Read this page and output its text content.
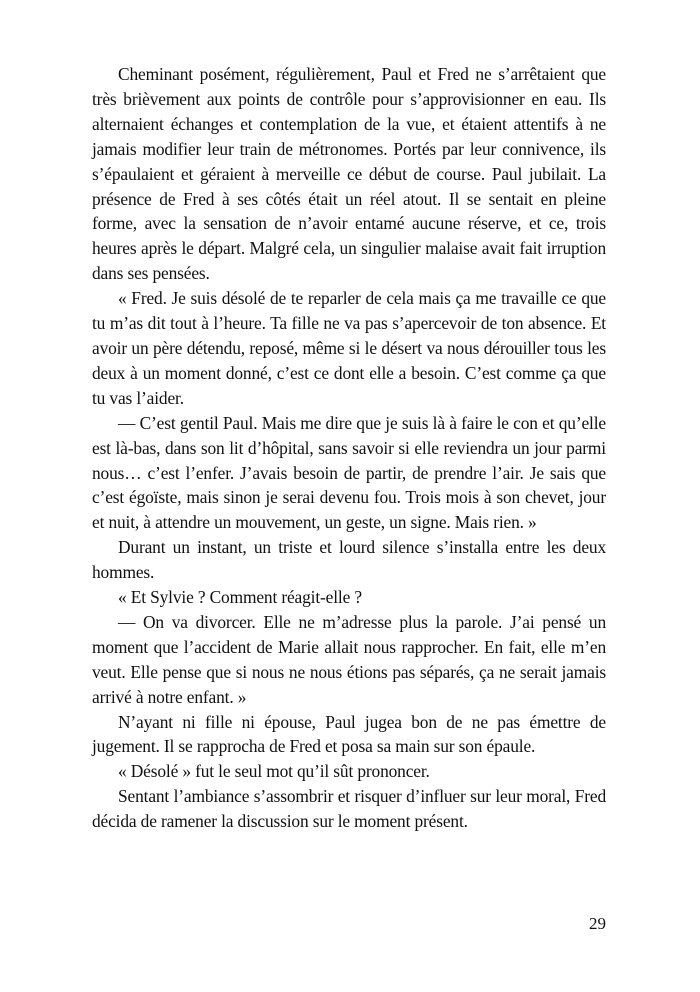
Cheminant posément, régulièrement, Paul et Fred ne s’arrêtaient que très brièvement aux points de contrôle pour s’approvisionner en eau. Ils alternaient échanges et contemplation de la vue, et étaient attentifs à ne jamais modifier leur train de métronomes. Portés par leur connivence, ils s’épaulaient et géraient à merveille ce début de course. Paul jubilait. La présence de Fred à ses côtés était un réel atout. Il se sentait en pleine forme, avec la sensation de n’avoir entamé aucune réserve, et ce, trois heures après le départ. Malgré cela, un singulier malaise avait fait irruption dans ses pensées.

« Fred. Je suis désolé de te reparler de cela mais ça me travaille ce que tu m’as dit tout à l’heure. Ta fille ne va pas s’apercevoir de ton absence. Et avoir un père détendu, reposé, même si le désert va nous dérouiller tous les deux à un moment donné, c’est ce dont elle a besoin. C’est comme ça que tu vas l’aider.

— C’est gentil Paul. Mais me dire que je suis là à faire le con et qu’elle est là-bas, dans son lit d’hôpital, sans savoir si elle reviendra un jour parmi nous… c’est l’enfer. J’avais besoin de partir, de prendre l’air. Je sais que c’est égoïste, mais sinon je serai devenu fou. Trois mois à son chevet, jour et nuit, à attendre un mouvement, un geste, un signe. Mais rien. »

Durant un instant, un triste et lourd silence s’installa entre les deux hommes.

« Et Sylvie ? Comment réagit-elle ?

— On va divorcer. Elle ne m’adresse plus la parole. J’ai pensé un moment que l’accident de Marie allait nous rapprocher. En fait, elle m’en veut. Elle pense que si nous ne nous étions pas séparés, ça ne serait jamais arrivé à notre enfant. »

N’ayant ni fille ni épouse, Paul jugea bon de ne pas émettre de jugement. Il se rapprocha de Fred et posa sa main sur son épaule.

« Désolé » fut le seul mot qu’il sût prononcer.

Sentant l’ambiance s’assombrir et risquer d’influer sur leur moral, Fred décida de ramener la discussion sur le moment présent.

29
